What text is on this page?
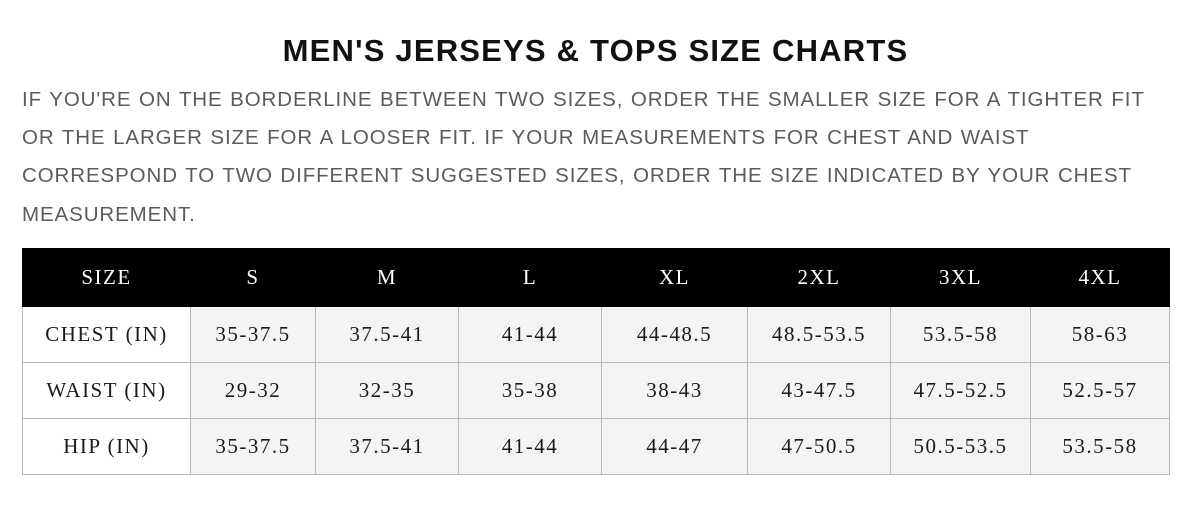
MEN'S JERSEYS & TOPS SIZE CHARTS
IF YOU'RE ON THE BORDERLINE BETWEEN TWO SIZES, ORDER THE SMALLER SIZE FOR A TIGHTER FIT OR THE LARGER SIZE FOR A LOOSER FIT. IF YOUR MEASUREMENTS FOR CHEST AND WAIST CORRESPOND TO TWO DIFFERENT SUGGESTED SIZES, ORDER THE SIZE INDICATED BY YOUR CHEST MEASUREMENT.
SIZE	S	M	L	XL	2XL	3XL	4XL
CHEST (IN)	35-37.5	37.5-41	41-44	44-48.5	48.5-53.5	53.5-58	58-63
WAIST (IN)	29-32	32-35	35-38	38-43	43-47.5	47.5-52.5	52.5-57
HIP (IN)	35-37.5	37.5-41	41-44	44-47	47-50.5	50.5-53.5	53.5-58
